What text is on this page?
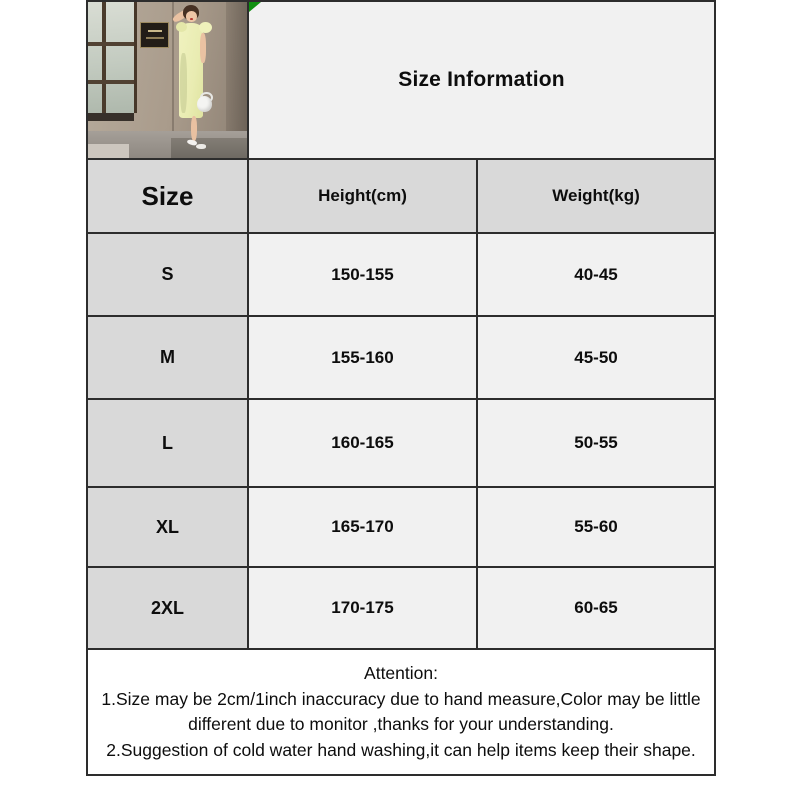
Size Information	
Size	Height(cm)	Weight(kg)
S	150-155	40-45
M	155-160	45-50
L	160-165	50-55
XL	165-170	55-60
2XL	170-175	60-65

Attention:
1.Size may be 2cm/1inch inaccuracy due to hand measure,Color may be little different due to monitor ,thanks for your understanding.
2.Suggestion of cold water hand washing,it can help items keep their shape.		
